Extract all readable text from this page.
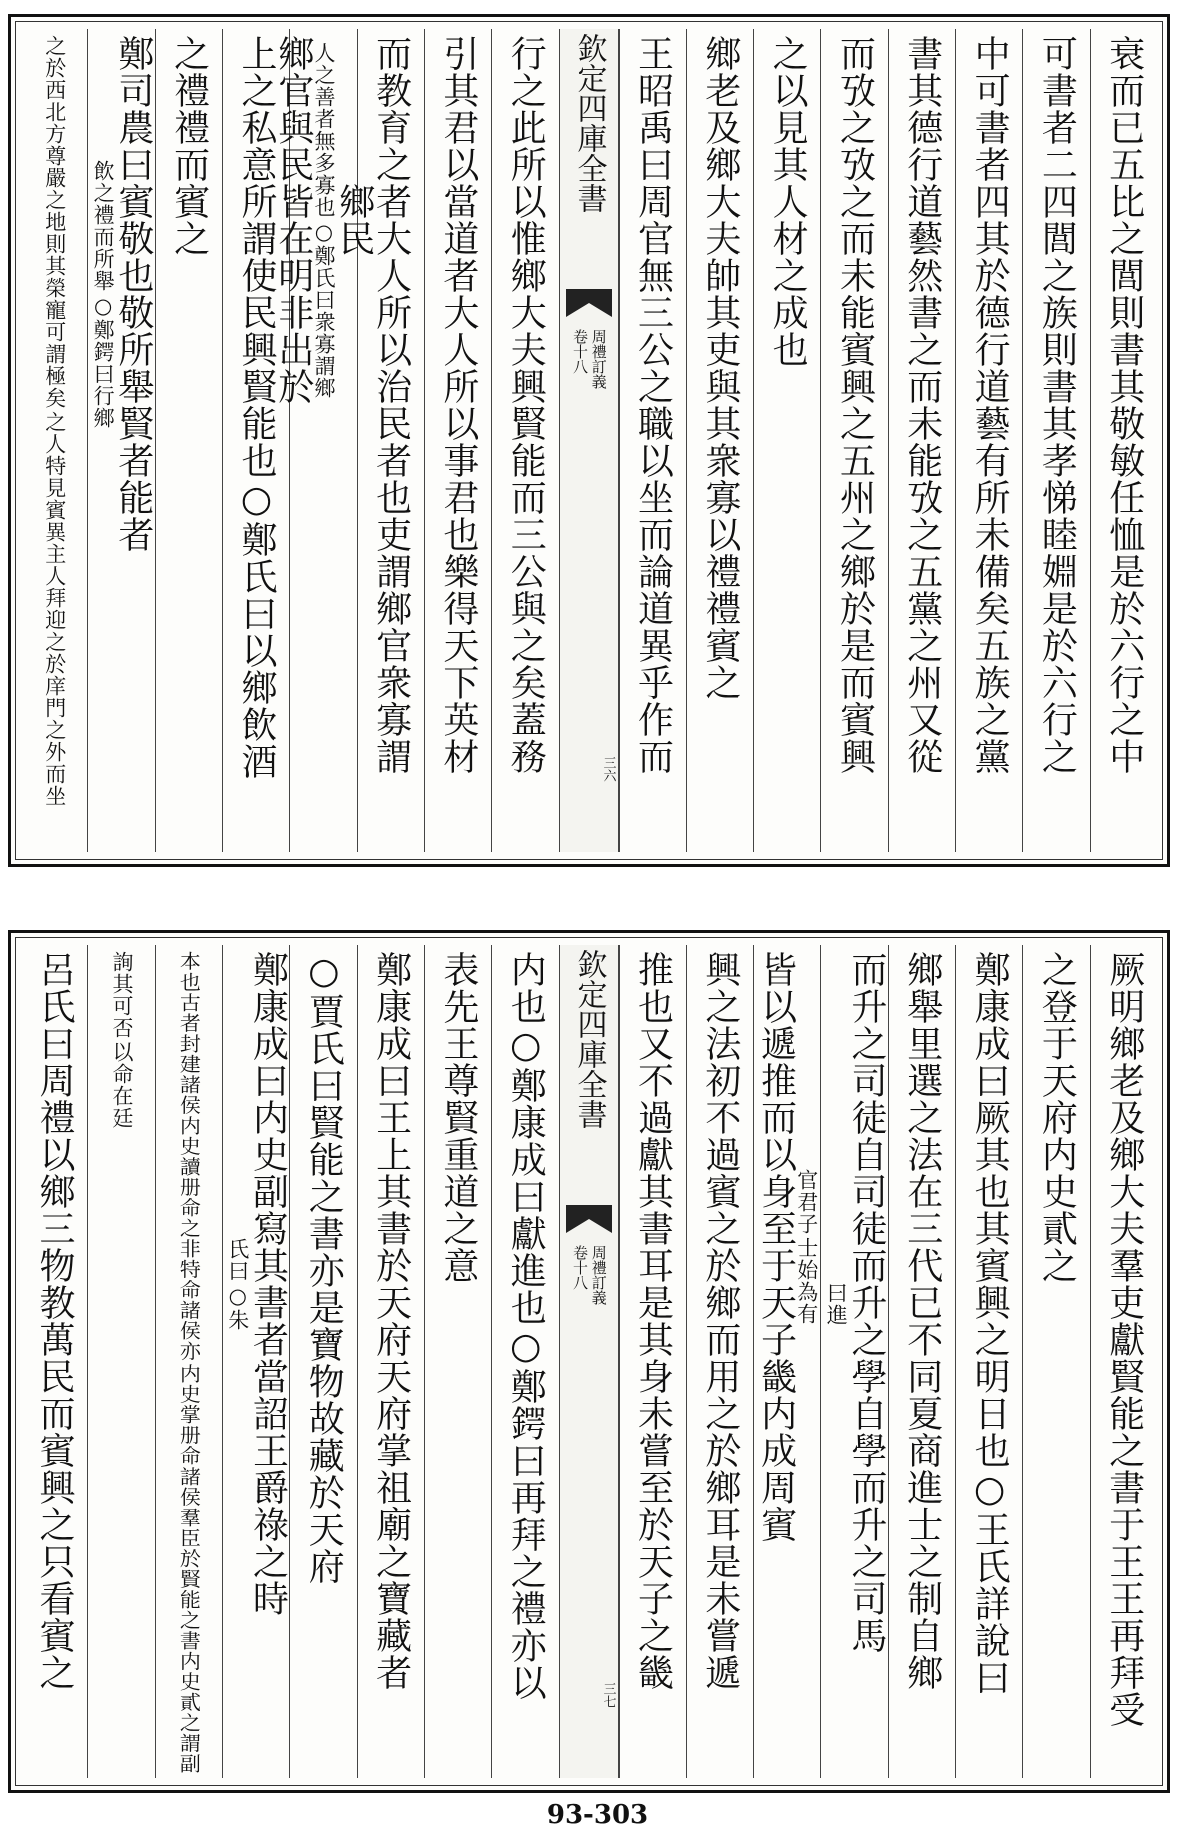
衰而已五比之閭則書其敬敏任恤是於六行之中
可書者二四閭之族則書其孝悌睦婣是於六行之
中可書者四其於德行道藝有所未備矣五族之黨
書其德行道藝然書之而未能攷之五黨之州又從
而攷之攷之而未能賓興之五州之鄉於是而賓興
之以見其人材之成也
鄉老及鄉大夫帥其吏與其衆寡以禮禮賓之
王昭禹曰周官無三公之職以坐而論道異乎作而
欽定四庫全書
周禮訂義
卷十八
三六
行之此所以惟鄉大夫興賢能而三公與之矣蓋務
引其君以當道者大人所以事君也樂得天下英材
而教育之者大人所以治民者也吏謂鄉官衆寡謂
鄉民
○鄭氏曰衆寡謂鄉
人之善者無多寡也
鄉官與民皆在明非出於
上之私意所謂使民興賢能也○鄭氏曰以鄉飲酒
之禮禮而賓之
鄭司農曰賓敬也敬所舉賢者能者
○鄭鍔曰行鄉
飲之禮而所舉
之人特見賓異主人拜迎之於庠門之外而坐
之於西北方尊嚴之地則其榮寵可謂極矣
厥明鄉老及鄉大夫羣吏獻賢能之書于王王再拜受
之登于天府内史貳之
鄭康成曰厥其也其賓興之明日也○王氏詳說曰
鄉舉里選之法在三代已不同夏商進士之制自鄉
而升之司徒自司徒而升之學自學而升之司馬
曰進
士始為有
官君子
皆以遞推而以身至于天子畿内成周賓
興之法初不過賓之於鄉而用之於鄉耳是未嘗遞
推也又不過獻其書耳是其身未嘗至於天子之畿
欽定四庫全書
周禮訂義
卷十八
三七
内也○鄭康成曰獻進也○鄭鍔曰再拜之禮亦以
表先王尊賢重道之意
鄭康成曰王上其書於天府天府掌祖廟之寶藏者
○賈氏曰賢能之書亦是寶物故藏於天府
鄭康成曰内史副寫其書者當詔王爵祿之時
○朱
氏曰
内史掌册命諸侯羣臣於賢能之書内史貳之謂副
本也古者封建諸侯内史讀册命之非特命諸侯亦
以命在廷
詢其可否
呂氏曰周禮以鄉三物教萬民而賓興之只看賓之
93-303
